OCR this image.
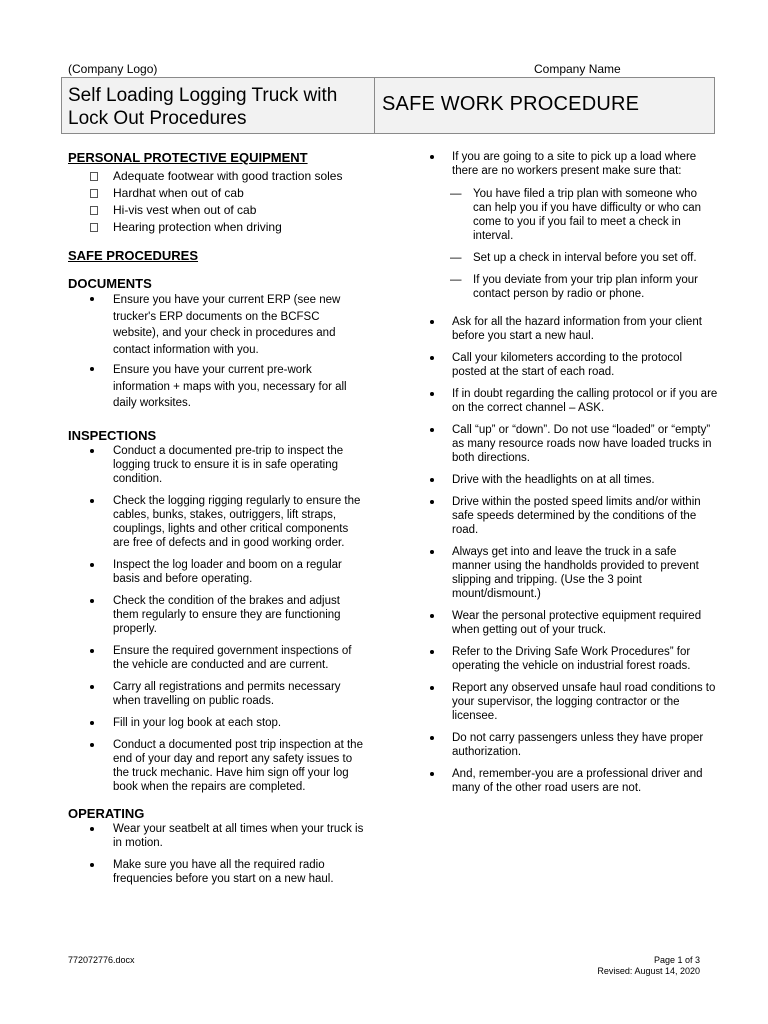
(Company Logo)	Company Name
Self Loading Logging Truck with Lock Out Procedures
SAFE WORK PROCEDURE
PERSONAL PROTECTIVE EQUIPMENT
Adequate footwear with good traction soles
Hardhat when out of cab
Hi-vis vest when out of cab
Hearing protection when driving
SAFE PROCEDURES
DOCUMENTS
Ensure you have your current ERP (see new trucker's ERP documents on the BCFSC website), and your check in procedures and contact information with you.
Ensure you have your current pre-work information + maps with you, necessary for all daily worksites.
INSPECTIONS
Conduct a documented pre-trip to inspect the logging truck to ensure it is in safe operating condition.
Check the logging rigging regularly to ensure the cables, bunks, stakes, outriggers, lift straps, couplings, lights and other critical components are free of defects and in good working order.
Inspect the log loader and boom on a regular basis and before operating.
Check the condition of the brakes and adjust them regularly to ensure they are functioning properly.
Ensure the required government inspections of the vehicle are conducted and are current.
Carry all registrations and permits necessary when travelling on public roads.
Fill in your log book at each stop.
Conduct a documented post trip inspection at the end of your day and report any safety issues to the truck mechanic. Have him sign off your log book when the repairs are completed.
OPERATING
Wear your seatbelt at all times when your truck is in motion.
Make sure you have all the required radio frequencies before you start on a new haul.
If you are going to a site to pick up a load where there are no workers present make sure that:
— You have filed a trip plan with someone who can help you if you have difficulty or who can come to you if you fail to meet a check in interval.
— Set up a check in interval before you set off.
— If you deviate from your trip plan inform your contact person by radio or phone.
Ask for all the hazard information from your client before you start a new haul.
Call your kilometers according to the protocol posted at the start of each road.
If in doubt regarding the calling protocol or if you are on the correct channel – ASK.
Call “up” or “down”. Do not use “loaded” or “empty” as many resource roads now have loaded trucks in both directions.
Drive with the headlights on at all times.
Drive within the posted speed limits and/or within safe speeds determined by the conditions of the road.
Always get into and leave the truck in a safe manner using the handholds provided to prevent slipping and tripping. (Use the 3 point mount/dismount.)
Wear the personal protective equipment required when getting out of your truck.
Refer to the Driving Safe Work Procedures” for operating the vehicle on industrial forest roads.
Report any observed unsafe haul road conditions to your supervisor, the logging contractor or the licensee.
Do not carry passengers unless they have proper authorization.
And, remember-you are a professional driver and many of the other road users are not.
772072776.docx	Page 1 of 3
Revised: August 14, 2020
